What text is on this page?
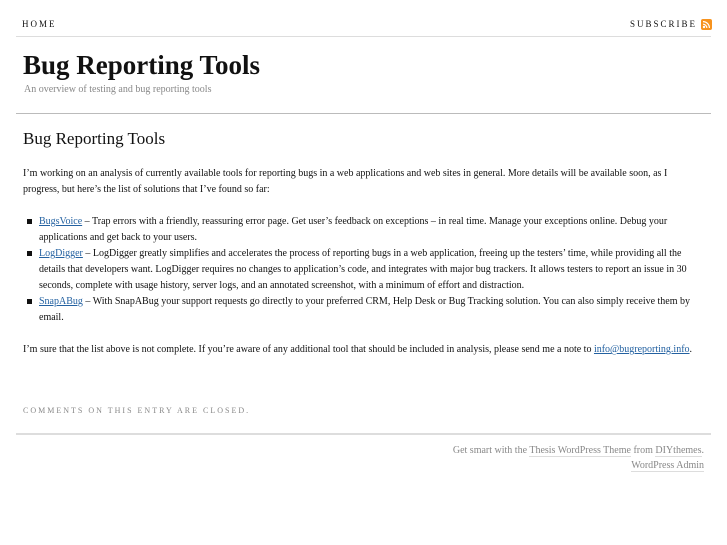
HOME	SUBSCRIBE
Bug Reporting Tools
An overview of testing and bug reporting tools
Bug Reporting Tools

I’m working on an analysis of currently available tools for reporting bugs in a web applications and web sites in general. More details will be available soon, as I progress, but here’s the list of solutions that I’ve found so far:

BugsVoice – Trap errors with a friendly, reassuring error page. Get user’s feedback on exceptions – in real time. Manage your exceptions online. Debug your applications and get back to your users.
LogDigger – LogDigger greatly simplifies and accelerates the process of reporting bugs in a web application, freeing up the testers’ time, while providing all the details that developers want. LogDigger requires no changes to application’s code, and integrates with major bug trackers. It allows testers to report an issue in 30 seconds, complete with usage history, server logs, and an annotated screenshot, with a minimum of effort and distraction.
SnapABug – With SnapABug your support requests go directly to your preferred CRM, Help Desk or Bug Tracking solution. You can also simply receive them by email.

I’m sure that the list above is not complete. If you’re aware of any additional tool that should be included in analysis, please send me a note to info@bugreporting.info.

COMMENTS ON THIS ENTRY ARE CLOSED.
Get smart with the Thesis WordPress Theme from DIYthemes.
WordPress Admin
